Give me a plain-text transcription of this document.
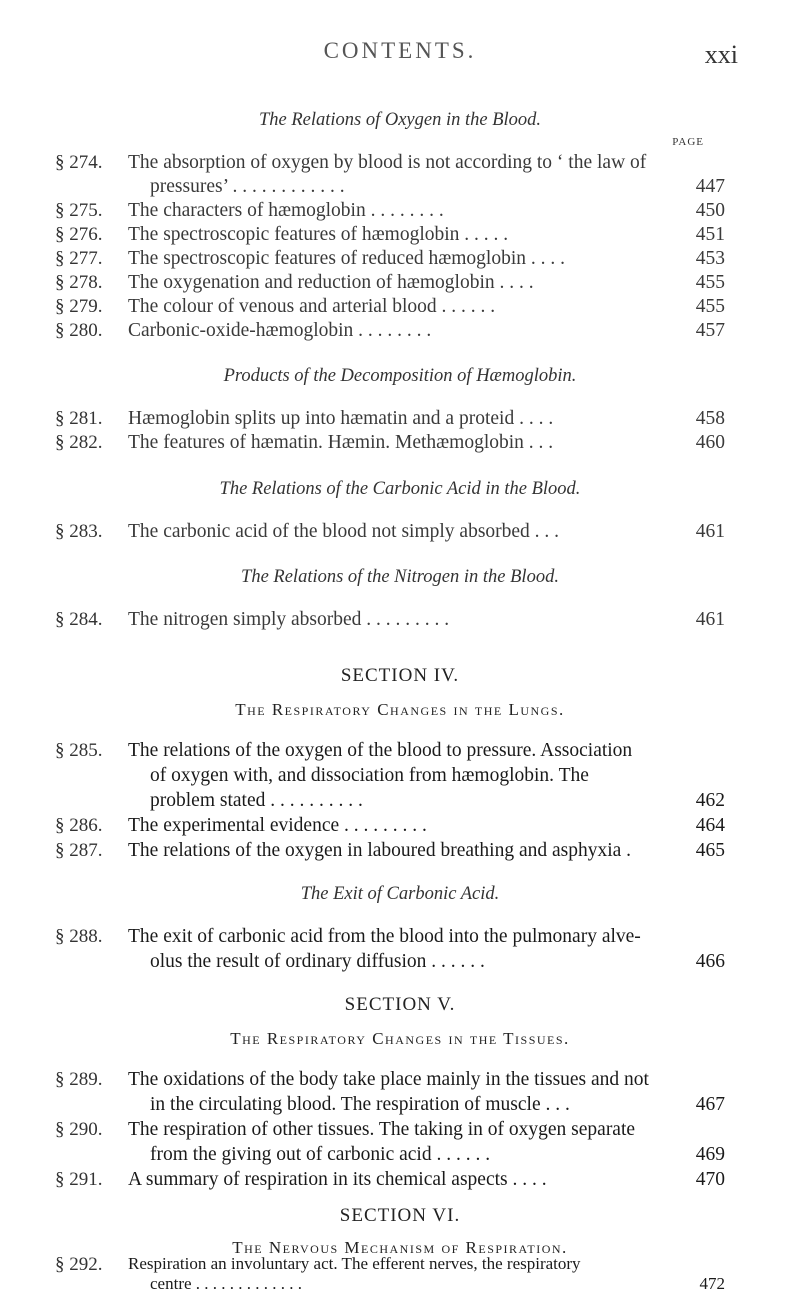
CONTENTS.	xxi
PAGE
The Relations of Oxygen in the Blood.
§ 274. The absorption of oxygen by blood is not according to ‘ the law of
pressures’ . . . . . . . . . . . .	447
§ 275. The characters of hæmoglobin . . . . . . . .	450
§ 276. The spectroscopic features of hæmoglobin . . . . .	451
§ 277. The spectroscopic features of reduced hæmoglobin . . . .	453
§ 278. The oxygenation and reduction of hæmoglobin . . . .	455
§ 279. The colour of venous and arterial blood . . . . . .	455
§ 280. Carbonic-oxide-hæmoglobin . . . . . . . .	457
Products of the Decomposition of Hæmoglobin.
§ 281. Hæmoglobin splits up into hæmatin and a proteid . . . .	458
§ 282. The features of hæmatin. Hæmin. Methæmoglobin . . .	460
The Relations of the Carbonic Acid in the Blood.
§ 283. The carbonic acid of the blood not simply absorbed . . .	461
The Relations of the Nitrogen in the Blood.
§ 284. The nitrogen simply absorbed . . . . . . . . .	461
SECTION IV.
The Respiratory Changes in the Lungs.
§ 285. The relations of the oxygen of the blood to pressure. Association
of oxygen with, and dissociation from hæmoglobin. The
problem stated . . . . . . . . . .	462
§ 286. The experimental evidence . . . . . . . . .	464
§ 287. The relations of the oxygen in laboured breathing and asphyxia .	465
The Exit of Carbonic Acid.
§ 288. The exit of carbonic acid from the blood into the pulmonary alve-
olus the result of ordinary diffusion . . . . . .	466
SECTION V.
The Respiratory Changes in the Tissues.
§ 289. The oxidations of the body take place mainly in the tissues and not
in the circulating blood. The respiration of muscle . . .	467
§ 290. The respiration of other tissues. The taking in of oxygen separate
from the giving out of carbonic acid . . . . . .	469
§ 291. A summary of respiration in its chemical aspects . . . .	470
SECTION VI.
The Nervous Mechanism of Respiration.
§ 292. Respiration an involuntary act. The efferent nerves, the respiratory
centre . . . . . . . . . . . . .	472
